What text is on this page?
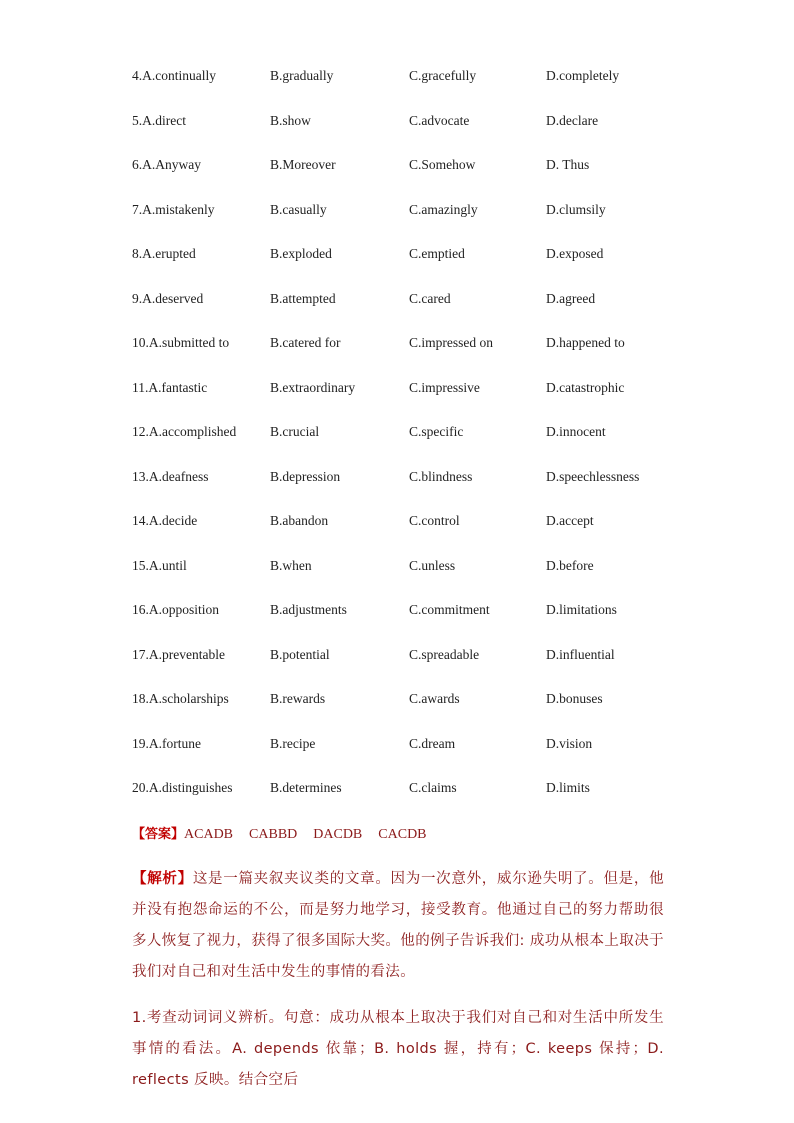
4.A.continually	B.gradually	C.gracefully	D.completely
5.A.direct	B.show	C.advocate	D.declare
6.A.Anyway	B.Moreover	C.Somehow	D. Thus
7.A.mistakenly	B.casually	C.amazingly	D.clumsily
8.A.erupted	B.exploded	C.emptied	D.exposed
9.A.deserved	B.attempted	C.cared	D.agreed
10.A.submitted to	B.catered for	C.impressed on	D.happened to
11.A.fantastic	B.extraordinary	C.impressive	D.catastrophic
12.A.accomplished	B.crucial	C.specific	D.innocent
13.A.deafness	B.depression	C.blindness	D.speechlessness
14.A.decide	B.abandon	C.control	D.accept
15.A.until	B.when	C.unless	D.before
16.A.opposition	B.adjustments	C.commitment	D.limitations
17.A.preventable	B.potential	C.spreadable	D.influential
18.A.scholarships	B.rewards	C.awards	D.bonuses
19.A.fortune	B.recipe	C.dream	D.vision
20.A.distinguishes	B.determines	C.claims	D.limits
【答案】ACADB CABBD DACDB CACDB
【解析】这是一篇夹叙夹议类的文章。因为一次意外，威尔逊失明了。但是，他并没有抱怨命运的不公，而是努力地学习，接受教育。他通过自己的努力帮助很多人恢复了视力，获得了很多国际大奖。他的例子告诉我们: 成功从根本上取决于我们对自己和对生活中发生的事情的看法。
1.考查动词词义辨析。句意：成功从根本上取决于我们对自己和对生活中所发生事情的看法。A. depends 依靠；B. holds 握，持有；C. keeps 保持；D. reflects 反映。结合空后
